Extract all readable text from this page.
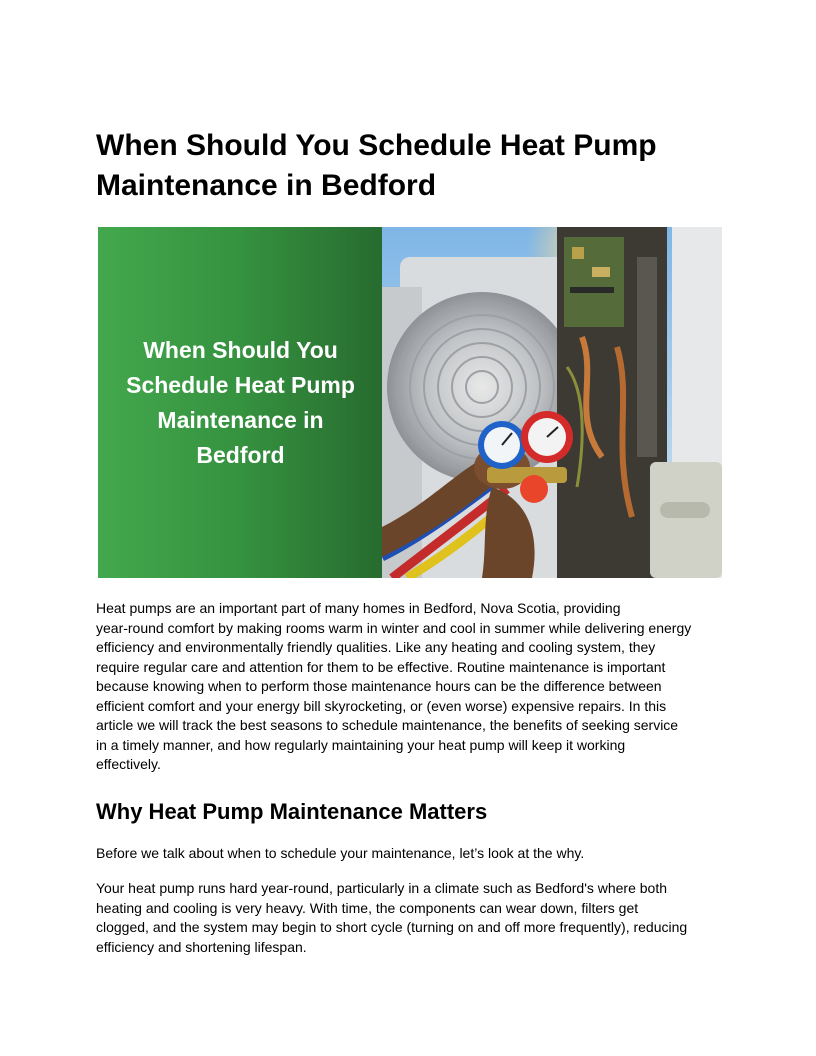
When Should You Schedule Heat Pump
Maintenance in Bedford
When Should You
Schedule Heat Pump
Maintenance in
Bedford

Heat pumps are an important part of many homes in Bedford, Nova Scotia, providing
year-round comfort by making rooms warm in winter and cool in summer while delivering energy
efficiency and environmentally friendly qualities. Like any heating and cooling system, they
require regular care and attention for them to be effective. Routine maintenance is important
because knowing when to perform those maintenance hours can be the difference between
efficient comfort and your energy bill skyrocketing, or (even worse) expensive repairs. In this
article we will track the best seasons to schedule maintenance, the benefits of seeking service
in a timely manner, and how regularly maintaining your heat pump will keep it working
effectively.

Why Heat Pump Maintenance Matters

Before we talk about when to schedule your maintenance, let’s look at the why.

Your heat pump runs hard year-round, particularly in a climate such as Bedford's where both
heating and cooling is very heavy. With time, the components can wear down, filters get
clogged, and the system may begin to short cycle (turning on and off more frequently), reducing
efficiency and shortening lifespan.
